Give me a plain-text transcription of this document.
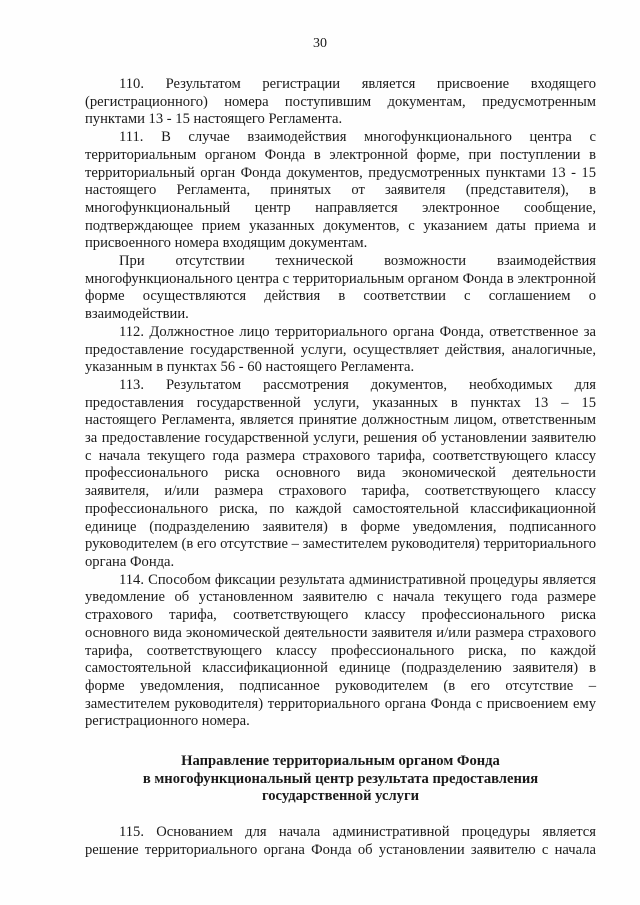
30

110. Результатом регистрации является присвоение входящего (регистрационного) номера поступившим документам, предусмотренным пунктами 13 - 15 настоящего Регламента.

111. В случае взаимодействия многофункционального центра с территориальным органом Фонда в электронной форме, при поступлении в территориальный орган Фонда документов, предусмотренных пунктами 13 - 15 настоящего Регламента, принятых от заявителя (представителя), в многофункциональный центр направляется электронное сообщение, подтверждающее прием указанных документов, с указанием даты приема и присвоенного номера входящим документам.

При отсутствии технической возможности взаимодействия многофункционального центра с территориальным органом Фонда в электронной форме осуществляются действия в соответствии с соглашением о взаимодействии.

112. Должностное лицо территориального органа Фонда, ответственное за предоставление государственной услуги, осуществляет действия, аналогичные, указанным в пунктах 56 - 60 настоящего Регламента.

113. Результатом рассмотрения документов, необходимых для предоставления государственной услуги, указанных в пунктах 13 – 15 настоящего Регламента, является принятие должностным лицом, ответственным за предоставление государственной услуги, решения об установлении заявителю с начала текущего года размера страхового тарифа, соответствующего классу профессионального риска основного вида экономической деятельности заявителя, и/или размера страхового тарифа, соответствующего классу профессионального риска, по каждой самостоятельной классификационной единице (подразделению заявителя) в форме уведомления, подписанного руководителем (в его отсутствие – заместителем руководителя) территориального органа Фонда.

114. Способом фиксации результата административной процедуры является уведомление об установленном заявителю с начала текущего года размере страхового тарифа, соответствующего классу профессионального риска основного вида экономической деятельности заявителя и/или размера страхового тарифа, соответствующего классу профессионального риска, по каждой самостоятельной классификационной единице (подразделению заявителя) в форме уведомления, подписанное руководителем (в его отсутствие – заместителем руководителя) территориального органа Фонда с присвоением ему регистрационного номера.

Направление территориальным органом Фонда
в многофункциональный центр результата предоставления
государственной услуги

115. Основанием для начала административной процедуры является решение территориального органа Фонда об установлении заявителю с начала
